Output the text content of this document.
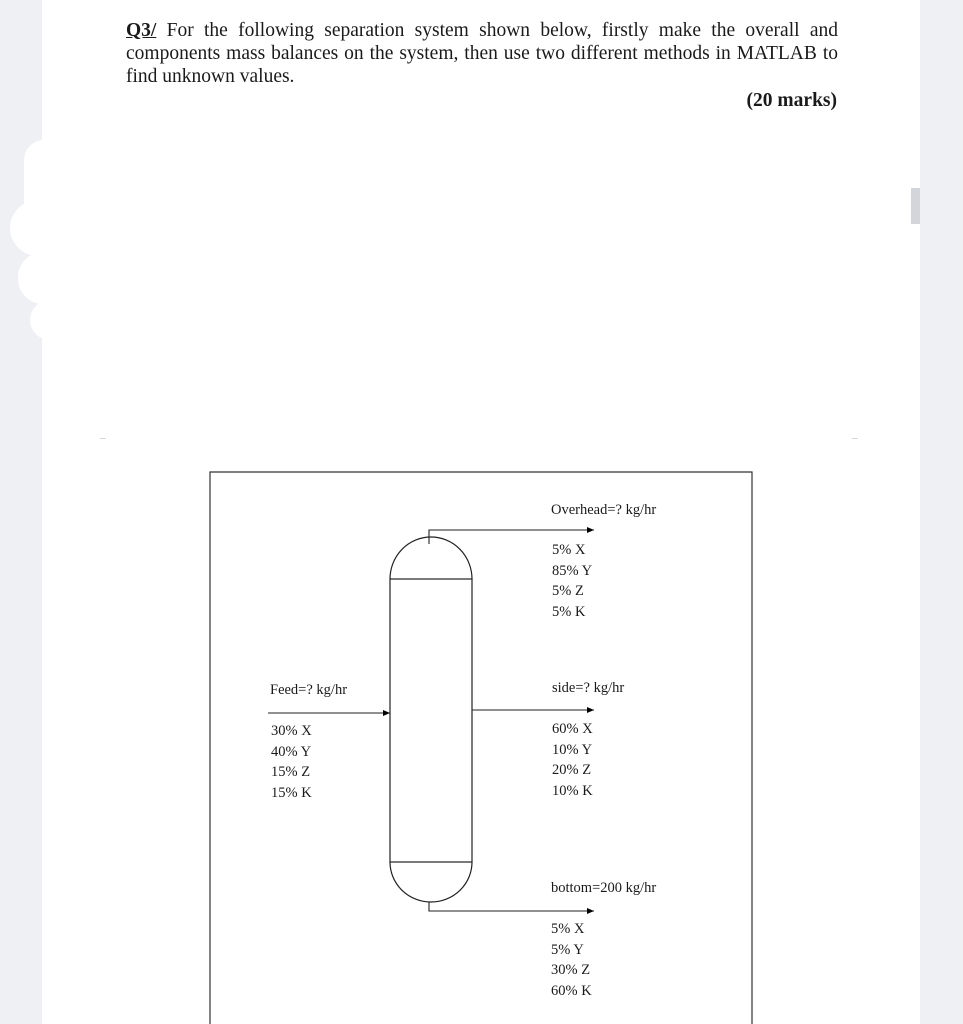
Q3/ For the following separation system shown below, firstly make the overall and components mass balances on the system, then use two different methods in MATLAB to find unknown values.
(20 marks)
Overhead=? kg/hr
5% X
85% Y
5% Z
5% K
Feed=? kg/hr
30% X
40% Y
15% Z
15% K
side=? kg/hr
60% X
10% Y
20% Z
10% K
bottom=200 kg/hr
5% X
5% Y
30% Z
60% K
